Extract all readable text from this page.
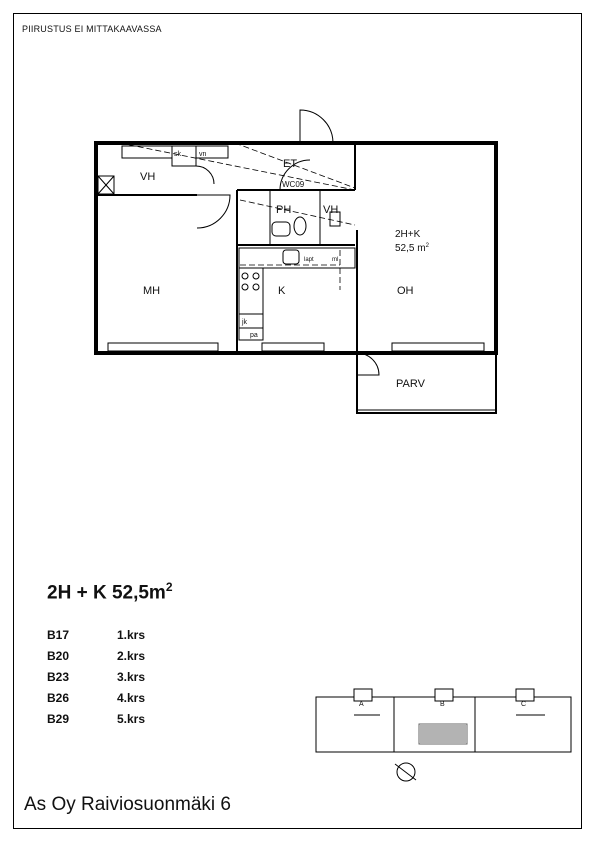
PIIRUSTUS EI MITTAKAAVASSA
VH
ET
WC09
PH	VH
2H+K
52,5 $m^2$
MH	K	OH
PARV
sk	vn
jk
pa
lapt	ml
A	B	C
2H + K $52,5m^2$
B17	1.krs
B20	2.krs
B23	3.krs
B26	4.krs
B29	5.krs
As Oy Raiviosuonmäki 6
